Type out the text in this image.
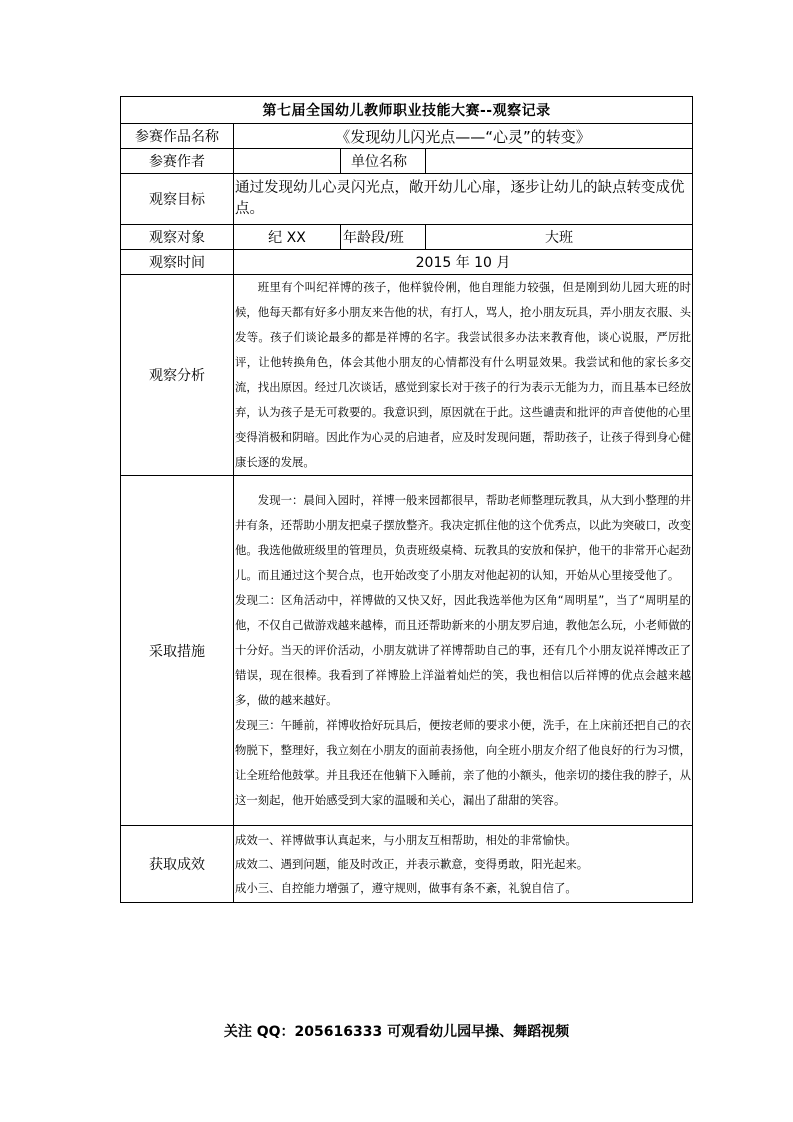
第七届全国幼儿教师职业技能大赛--观察记录			
参赛作品名称	《发现幼儿闪光点——“心灵”的转变》		
参赛作者		单位名称	
观察目标	通过发现幼儿心灵闪光点，敞开幼儿心扉，逐步让幼儿的缺点转变成优点。		
观察对象	纪 XX	年龄段/班	大班
观察时间	2015 年 10 月		
观察分析	班里有个叫纪祥博的孩子，他样貌伶俐，他自理能力较强，但是刚到幼儿园大班的时候，他每天都有好多小朋友来告他的状，有打人，骂人，抢小朋友玩具，弄小朋友衣服、头发等。孩子们谈论最多的都是祥博的名字。我尝试很多办法来教育他，谈心说服，严厉批评，让他转换角色，体会其他小朋友的心情都没有什么明显效果。我尝试和他的家长多交流，找出原因。经过几次谈话，感觉到家长对于孩子的行为表示无能为力，而且基本已经放弃，认为孩子是无可救要的。我意识到，原因就在于此。这些谴责和批评的声音使他的心里变得消极和阴暗。因此作为心灵的启迪者，应及时发现问题，帮助孩子，让孩子得到身心健康长逐的发展。		

采取措施	发现一：晨间入园时，祥博一般来园都很早，帮助老师整理玩教具，从大到小整理的井井有条，还帮助小朋友把桌子摆放整齐。我决定抓住他的这个优秀点，以此为突破口，改变他。我选他做班级里的管理员，负责班级桌椅、玩教具的安放和保护，他干的非常开心起劲儿。而且通过这个契合点，也开始改变了小朋友对他起初的认知，开始从心里接受他了。

发现二：区角活动中，祥博做的又快又好，因此我选举他为区角“周明星”，当了“周明星的他，不仅自己做游戏越来越棒，而且还帮助新来的小朋友罗启迪，教他怎么玩，小老师做的十分好。当天的评价活动，小朋友就讲了祥博帮助自己的事，还有几个小朋友说祥博改正了错误，现在很棒。我看到了祥博脸上洋溢着灿烂的笑，我也相信以后祥博的优点会越来越多，做的越来越好。

发现三：午睡前，祥博收拾好玩具后，便按老师的要求小便，洗手，在上床前还把自己的衣物脱下，整理好，我立刻在小朋友的面前表扬他，向全班小朋友介绍了他良好的行为习惯，让全班给他鼓掌。并且我还在他躺下入睡前，亲了他的小额头，他亲切的搂住我的脖子，从这一刻起，他开始感受到大家的温暖和关心，漏出了甜甜的笑容。		

获取成效	成效一、祥博做事认真起来，与小朋友互相帮助，相处的非常愉快。

成效二、遇到问题，能及时改正，并表示歉意，变得勇敢，阳光起来。

成小三、自控能力增强了，遵守规则，做事有条不紊，礼貌自信了。		

关注 QQ：205616333 可观看幼儿园早操、舞蹈视频
